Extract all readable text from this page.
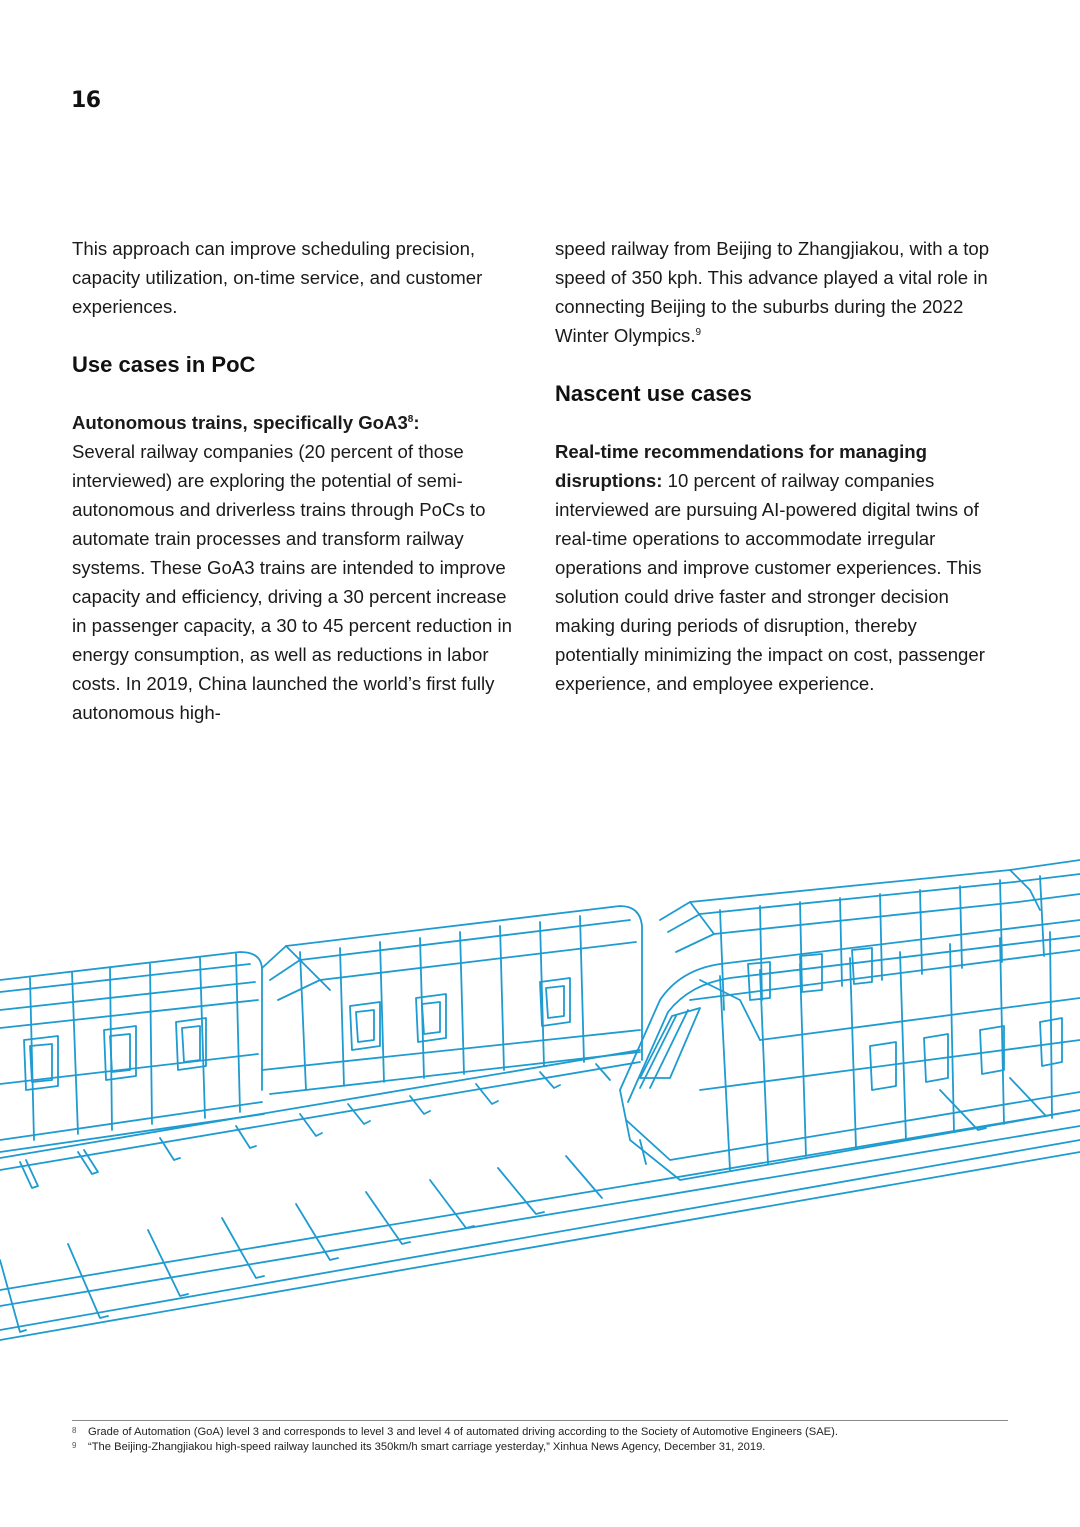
16

This approach can improve scheduling precision, capacity utilization, on-time service, and customer experiences.

Use cases in PoC

Autonomous trains, specifically $GoA3^8$:
Several railway companies (20 percent of those interviewed) are exploring the potential of semi-autonomous and driverless trains through PoCs to automate train processes and transform railway systems. These GoA3 trains are intended to improve capacity and efficiency, driving a 30 percent increase in passenger capacity, a 30 to 45 percent reduction in energy consumption, as well as reductions in labor costs. In 2019, China launched the world’s first fully autonomous high-

speed railway from Beijing to Zhangjiakou, with a top speed of 350 kph. This advance played a vital role in connecting Beijing to the suburbs during the 2022 Winter Olympics.$^9$

Nascent use cases

Real-time recommendations for managing disruptions: 10 percent of railway companies interviewed are pursuing AI-powered digital twins of real-time operations to accommodate irregular operations and improve customer experiences. This solution could drive faster and stronger decision making during periods of disruption, thereby potentially minimizing the impact on cost, passenger experience, and employee experience.

8	Grade of Automation (GoA) level 3 and corresponds to level 3 and level 4 of automated driving according to the Society of Automotive Engineers (SAE).
9	“The Beijing-Zhangjiakou high-speed railway launched its 350km/h smart carriage yesterday,” Xinhua News Agency, December 31, 2019.
